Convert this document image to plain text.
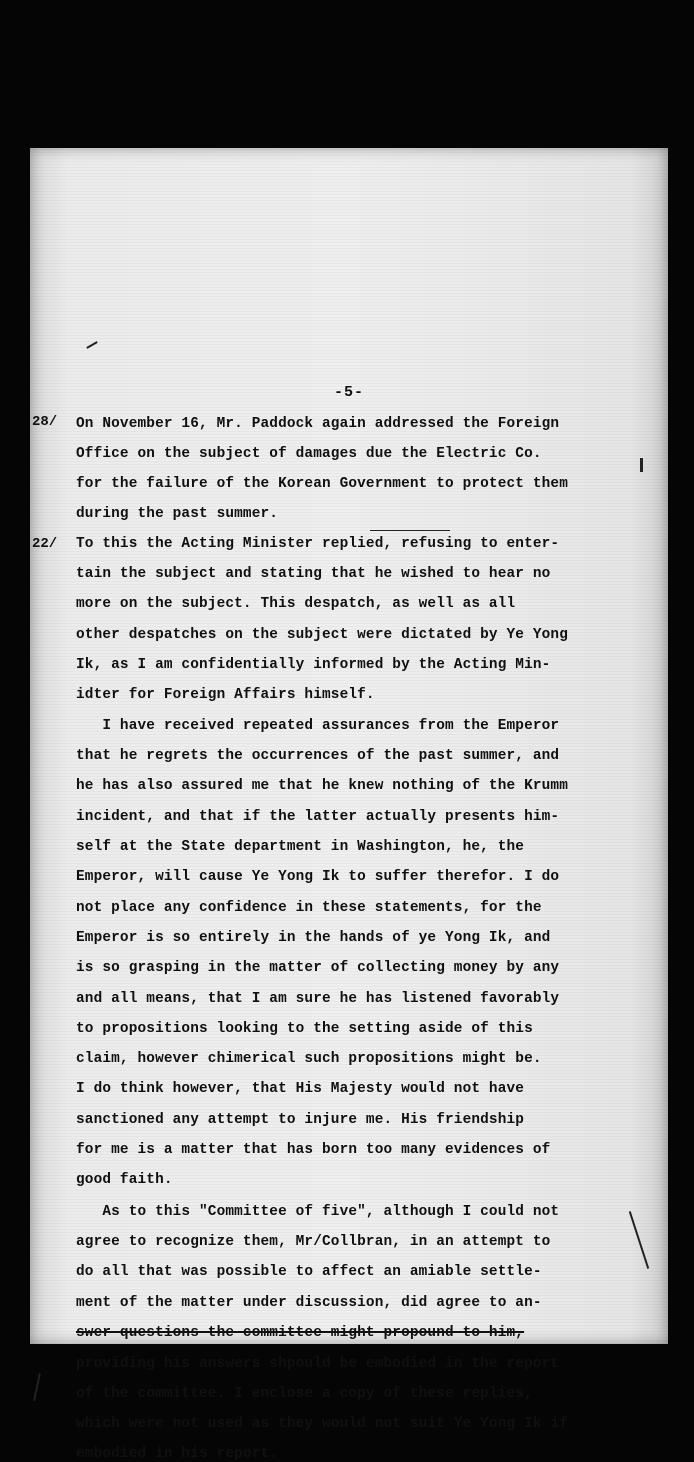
-5-
28/
22/
On November 16, Mr. Paddock again addressed the Foreign
Office on the subject of damages due the Electric Co.
for the failure of the Korean Government to protect them
during the past summer.
To this the Acting Minister replied, refusing to enter-
tain the subject and stating that he wished to hear no
more on the subject. This despatch, as well as all
other despatches on the subject were dictated by Ye Yong
Ik, as I am confidentially informed by the Acting Min-
idter for Foreign Affairs himself.
I have received repeated assurances from the Emperor
that he regrets the occurrences of the past summer, and
he has also assured me that he knew nothing of the Krumm
incident, and that if the latter actually presents him-
self at the State department in Washington, he, the
Emperor, will cause Ye Yong Ik to suffer therefor. I do
not place any confidence in these statements, for the
Emperor is so entirely in the hands of ye Yong Ik, and
is so grasping in the matter of collecting money by any
and all means, that I am sure he has listened favorably
to propositions looking to the setting aside of this
claim, however chimerical such propositions might be.
I do think however, that His Majesty would not have
sanctioned any attempt to injure me. His friendship
for me is a matter that has born too many evidences of
good faith.
As to this "Committee of five", although I could not
agree to recognize them, Mr/Collbran, in an attempt to
do all that was possible to affect an amiable settle-
ment of the matter under discussion, did agree to an-
swer questions the committee might propound to him,
providing his answers shpould be embodied in the report
of the committee. I enclose a copy of these replies,
which were not used as they would not suit Ye Yong Ik if
embodied in his report.
